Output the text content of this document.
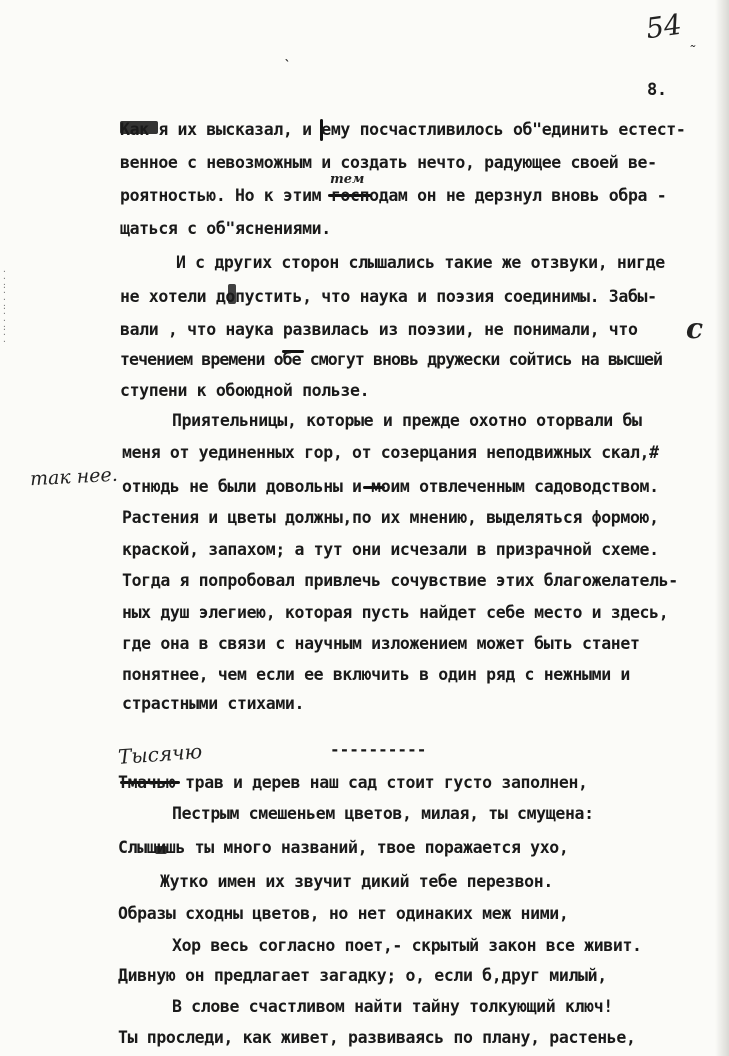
· ·
: ·
· :
· ·
: ·
·
54
˜
`
8.
тем
с
так нее.
Тысячю
Как я их высказал, и ему посчастливилось об"единить естест-
венное с невозможным и создать нечто, радующее своей ве-
роятностью. Но к этим господам он не дерзнул вновь обра -
щаться с об"яснениями.
И с других сторон слышались такие же отзвуки, нигде
не хотели допустить, что наука и поэзия соединимы. Забы-
вали , что наука развилась из поэзии, не понимали, что
течением времени обе смогут вновь дружески сойтись на высшей
ступени к обоюдной пользе.
Приятельницы, которые и прежде охотно оторвали бы
меня от уединенных гор, от созерцания неподвижных скал,#
отнюдь не были довольны и моим отвлеченным садоводством.
Растения и цветы должны,по их мнению, выделяться формою,
краской, запахом; а тут они исчезали в призрачной схеме.
Тогда я попробовал привлечь сочувствие этих благожелатель-
ных душ элегиею, которая пусть найдет себе место и здесь,
где она в связи с научным изложением может быть станет
понятнее, чем если ее включить в один ряд с нежными и
страстными стихами.
----------
Тмачью трав и дерев наш сад стоит густо заполнен,
Пестрым смешеньем цветов, милая, ты смущена:
Слышишь ты много названий, твое поражается ухо,
Жутко имен их звучит дикий тебе перезвон.
Образы сходны цветов, но нет одинаких меж ними,
Хор весь согласно поет,- скрытый закон все живит.
Дивную он предлагает загадку; о, если б,друг милый,
В слове счастливом найти тайну толкующий ключ!
Ты проследи, как живет, развиваясь по плану, растенье,
